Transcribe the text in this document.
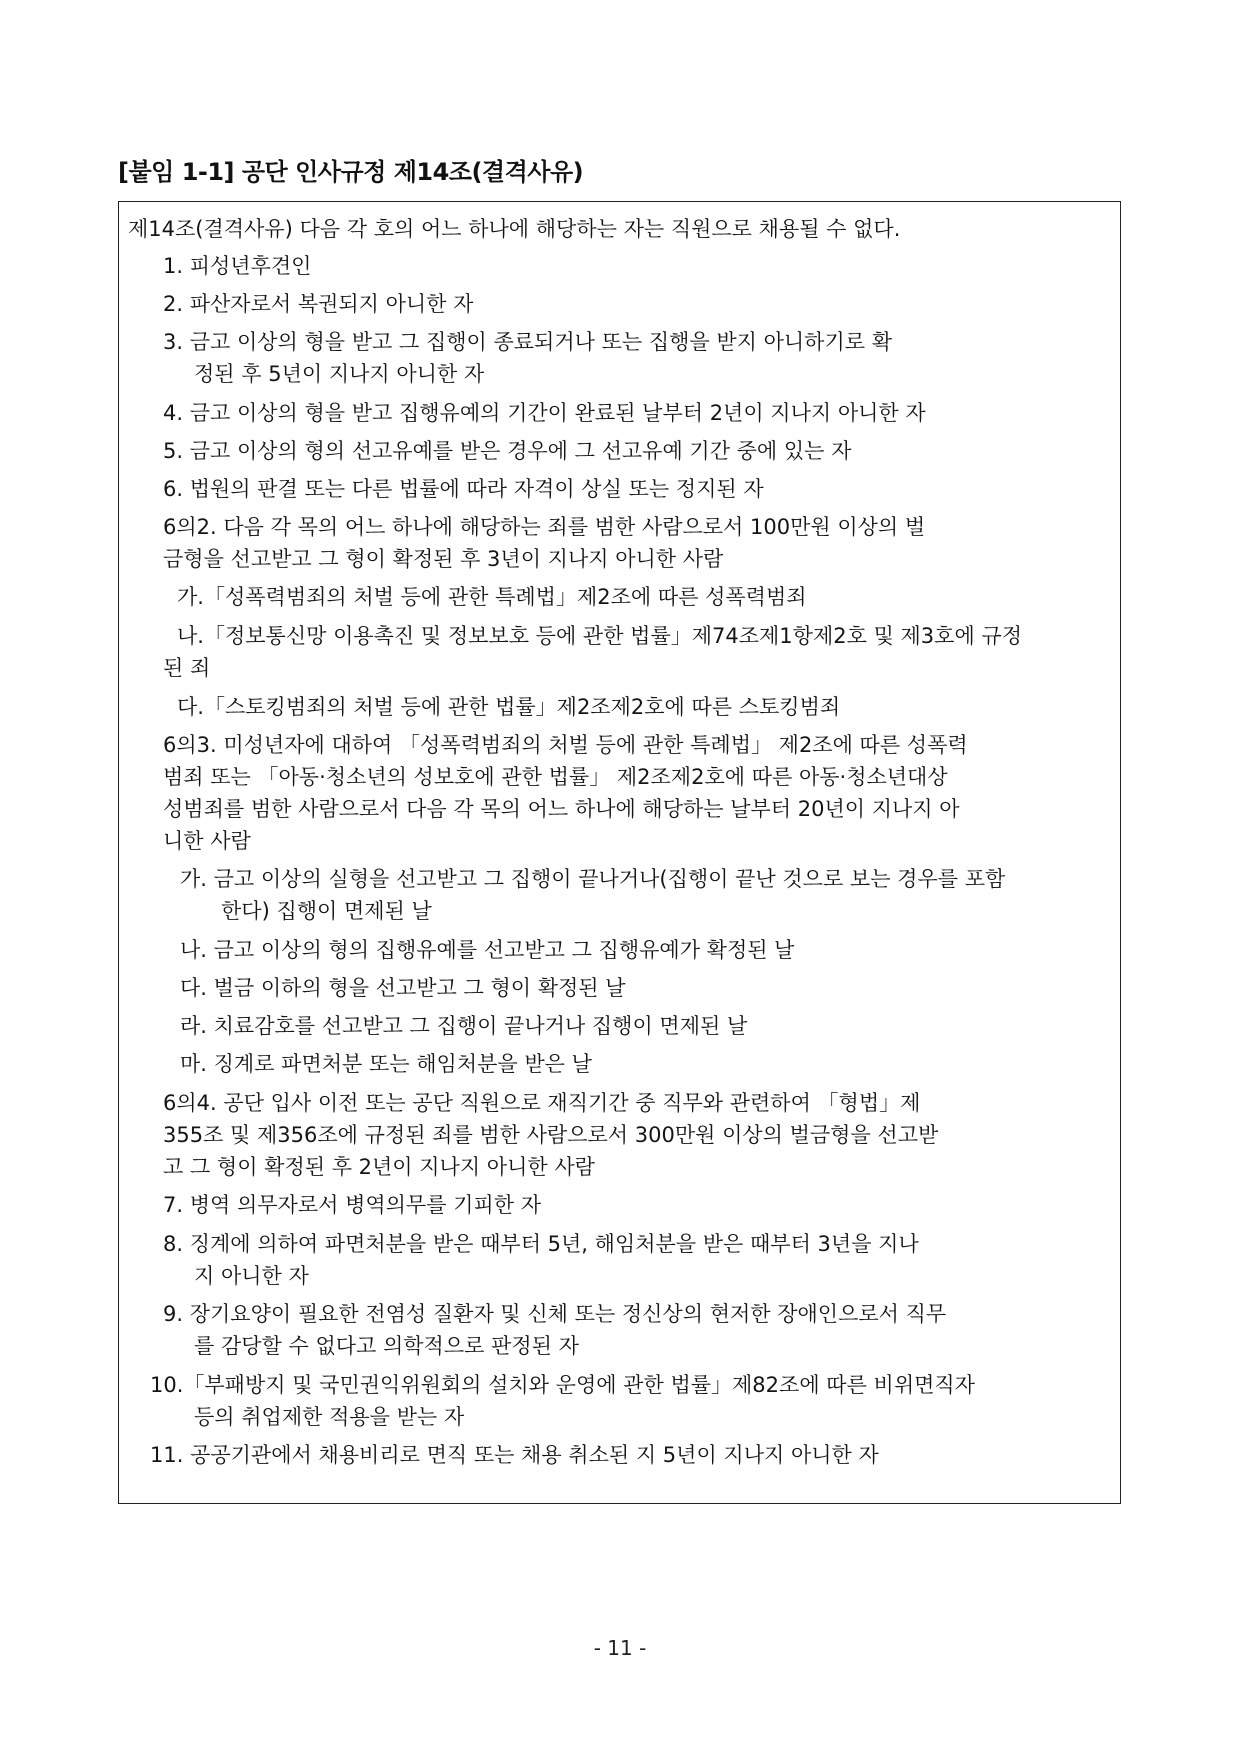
[붙임 1-1] 공단 인사규정 제14조(결격사유)
제14조(결격사유) 다음 각 호의 어느 하나에 해당하는 자는 직원으로 채용될 수 없다.
1. 피성년후견인
2. 파산자로서 복권되지 아니한 자
3. 금고 이상의 형을 받고 그 집행이 종료되거나 또는 집행을 받지 아니하기로 확
정된 후 5년이 지나지 아니한 자
4. 금고 이상의 형을 받고 집행유예의 기간이 완료된 날부터 2년이 지나지 아니한 자
5. 금고 이상의 형의 선고유예를 받은 경우에 그 선고유예 기간 중에 있는 자
6. 법원의 판결 또는 다른 법률에 따라 자격이 상실 또는 정지된 자
6의2. 다음 각 목의 어느 하나에 해당하는 죄를 범한 사람으로서 100만원 이상의 벌
금형을 선고받고 그 형이 확정된 후 3년이 지나지 아니한 사람
가.「성폭력범죄의 처벌 등에 관한 특례법」제2조에 따른 성폭력범죄
나.「정보통신망 이용촉진 및 정보보호 등에 관한 법률」제74조제1항제2호 및 제3호에 규정
된 죄
다.「스토킹범죄의 처벌 등에 관한 법률」제2조제2호에 따른 스토킹범죄
6의3. 미성년자에 대하여 「성폭력범죄의 처벌 등에 관한 특례법」 제2조에 따른 성폭력
범죄 또는 「아동·청소년의 성보호에 관한 법률」 제2조제2호에 따른 아동·청소년대상
성범죄를 범한 사람으로서 다음 각 목의 어느 하나에 해당하는 날부터 20년이 지나지 아
니한 사람
가. 금고 이상의 실형을 선고받고 그 집행이 끝나거나(집행이 끝난 것으로 보는 경우를 포함
한다) 집행이 면제된 날
나. 금고 이상의 형의 집행유예를 선고받고 그 집행유예가 확정된 날
다. 벌금 이하의 형을 선고받고 그 형이 확정된 날
라. 치료감호를 선고받고 그 집행이 끝나거나 집행이 면제된 날
마. 징계로 파면처분 또는 해임처분을 받은 날
6의4. 공단 입사 이전 또는 공단 직원으로 재직기간 중 직무와 관련하여 「형법」제
355조 및 제356조에 규정된 죄를 범한 사람으로서 300만원 이상의 벌금형을 선고받
고 그 형이 확정된 후 2년이 지나지 아니한 사람
7. 병역 의무자로서 병역의무를 기피한 자
8. 징계에 의하여 파면처분을 받은 때부터 5년, 해임처분을 받은 때부터 3년을 지나
지 아니한 자
9. 장기요양이 필요한 전염성 질환자 및 신체 또는 정신상의 현저한 장애인으로서 직무
를 감당할 수 없다고 의학적으로 판정된 자
10.「부패방지 및 국민권익위원회의 설치와 운영에 관한 법률」제82조에 따른 비위면직자
등의 취업제한 적용을 받는 자
11. 공공기관에서 채용비리로 면직 또는 채용 취소된 지 5년이 지나지 아니한 자
- 11 -
